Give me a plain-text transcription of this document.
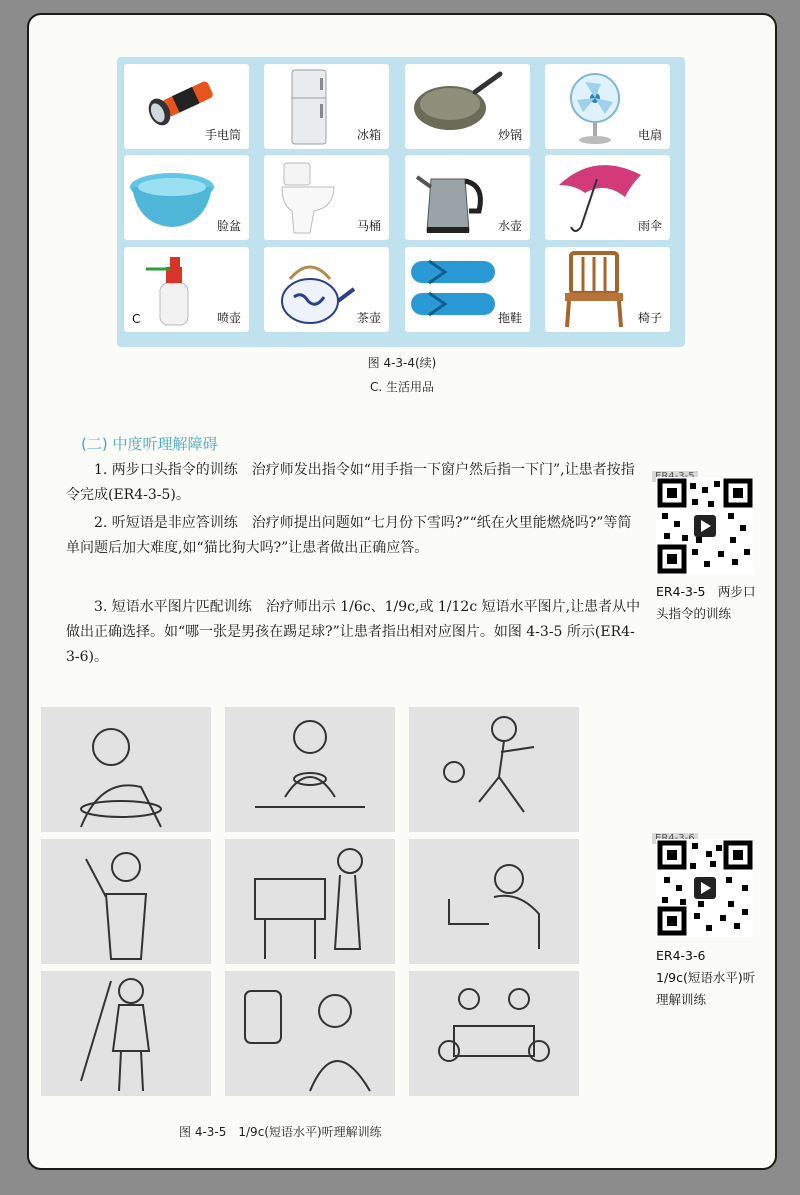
手电筒	冰箱	炒锅	电扇
脸盆	马桶	水壶	雨伞
C	喷壶	茶壶	拖鞋	椅子
图 4-3-4(续)
C. 生活用品
(二) 中度听理解障碍

1. 两步口头指令的训练　治疗师发出指令如“用手指一下窗户然后指一下门”,让患者按指令完成(ER4-3-5)。

2. 听短语是非应答训练　治疗师提出问题如“七月份下雪吗?”“纸在火里能燃烧吗?”等简单问题后加大难度,如“猫比狗大吗?”让患者做出正确应答。

3. 短语水平图片匹配训练　治疗师出示 1/6c、1/9c,或 1/12c 短语水平图片,让患者从中做出正确选择。如“哪一张是男孩在踢足球?”让患者指出相对应图片。如图 4-3-5 所示(ER4-3-6)。

ER4-3-5　两步口头指令的训练
ER4-3-6　1/9c(短语水平)听理解训练
图 4-3-5　1/9c(短语水平)听理解训练
